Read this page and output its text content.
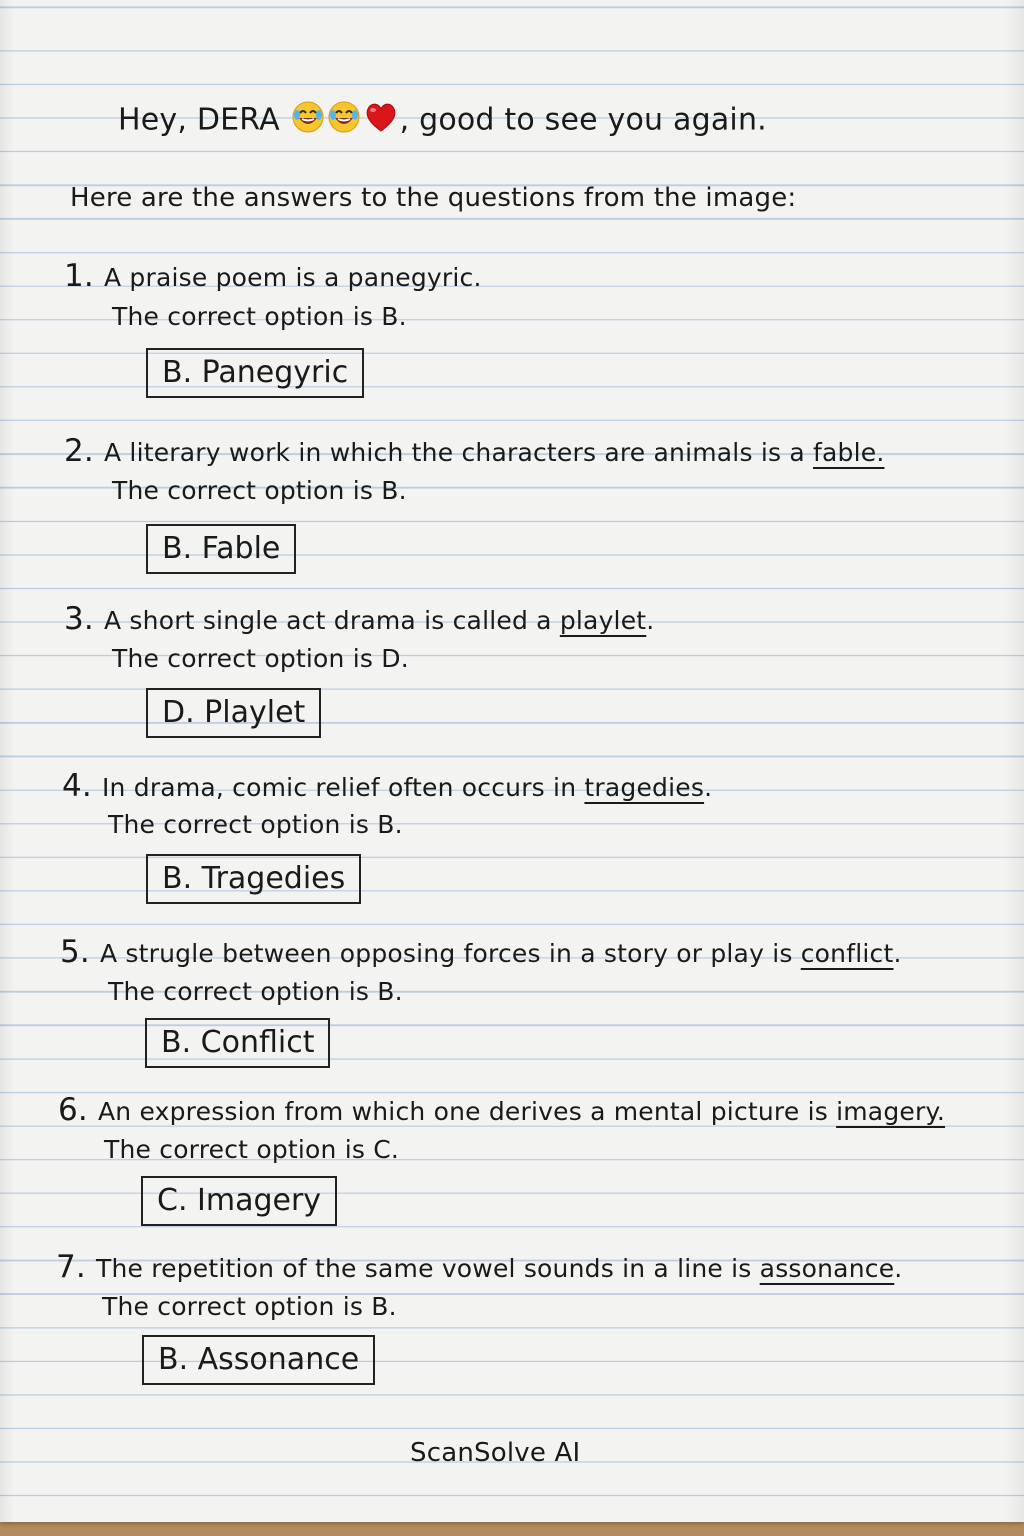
Hey, DERA	, good to see you again.
Here are the answers to the questions from the image:
1. A praise poem is a panegyric.
The correct option is B.
B. Panegyric
2. A literary work in which the characters are animals is a fable.
The correct option is B.
B. Fable
3. A short single act drama is called a playlet.
The correct option is D.
D. Playlet
4. In drama, comic relief often occurs in tragedies.
The correct option is B.
B. Tragedies
5. A strugle between opposing forces in a story or play is conflict.
The correct option is B.
B. Conflict
6. An expression from which one derives a mental picture is imagery.
The correct option is C.
C. Imagery
7. The repetition of the same vowel sounds in a line is assonance.
The correct option is B.
B. Assonance
ScanSolve AI
